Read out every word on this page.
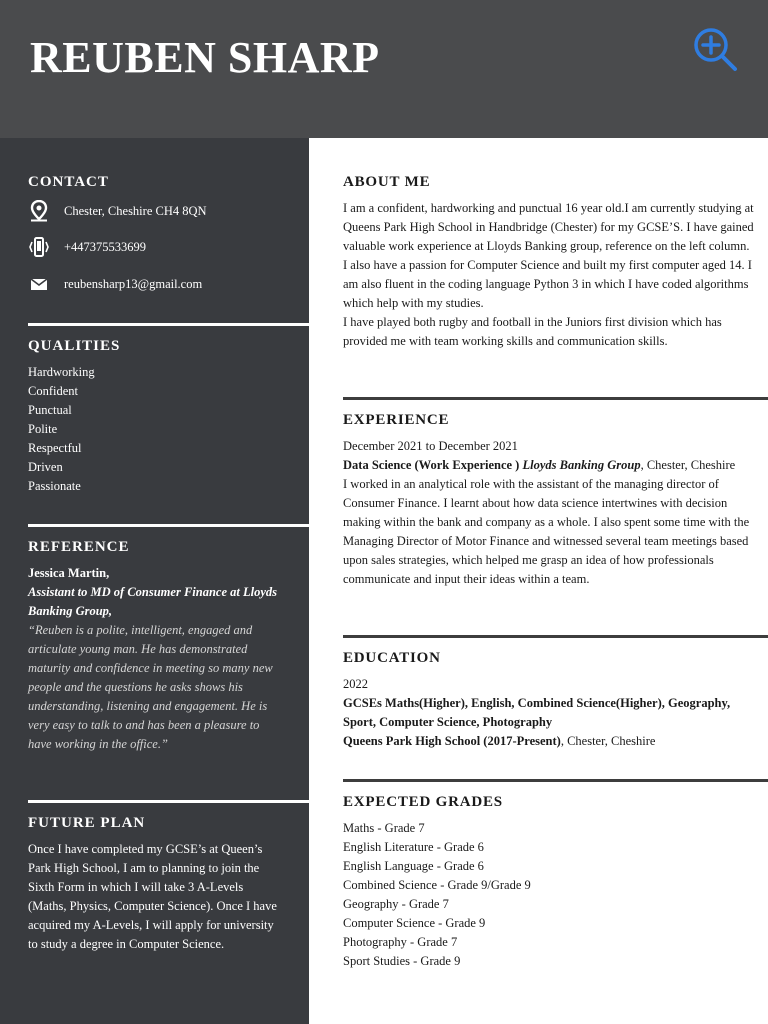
REUBEN SHARP
CONTACT
Chester, Cheshire CH4 8QN
+447375533699
reubensharp13@gmail.com
QUALITIES
Hardworking
Confident
Punctual
Polite
Respectful
Driven
Passionate
REFERENCE
Jessica Martin,
Assistant to MD of Consumer Finance at Lloyds Banking Group,
“Reuben is a polite, intelligent, engaged and articulate young man. He has demonstrated maturity and confidence in meeting so many new people and the questions he asks shows his understanding, listening and engagement. He is very easy to talk to and has been a pleasure to have working in the office.”
FUTURE PLAN
Once I have completed my GCSE’s at Queen’s Park High School, I am to planning to join the Sixth Form in which I will take 3 A-Levels (Maths, Physics, Computer Science). Once I have acquired my A-Levels, I will apply for university to study a degree in Computer Science.
ABOUT ME

I am a confident, hardworking and punctual 16 year old.I am currently studying at Queens Park High School in Handbridge (Chester) for my GCSE’S. I have gained valuable work experience at Lloyds Banking group, reference on the left column.

I also have a passion for Computer Science and built my first computer aged 14. I am also fluent in the coding language Python 3 in which I have coded algorithms which help with my studies.

I have played both rugby and football in the Juniors first division which has provided me with team working skills and communication skills.

EXPERIENCE

December 2021 to December 2021

Data Science (Work Experience ) Lloyds Banking Group, Chester, Cheshire

I worked in an analytical role with the assistant of the managing director of Consumer Finance. I learnt about how data science intertwines with decision making within the bank and company as a whole. I also spent some time with the Managing Director of Motor Finance and witnessed several team meetings based upon sales strategies, which helped me grasp an idea of how professionals communicate and input their ideas within a team.

EDUCATION

2022

GCSEs Maths(Higher), English, Combined Science(Higher), Geography, Sport, Computer Science, Photography

Queens Park High School (2017-Present), Chester, Cheshire

EXPECTED GRADES
Maths - Grade 7
English Literature - Grade 6
English Language - Grade 6
Combined Science - Grade 9/Grade 9
Geography - Grade 7
Computer Science - Grade 9
Photography - Grade 7
Sport Studies - Grade 9
